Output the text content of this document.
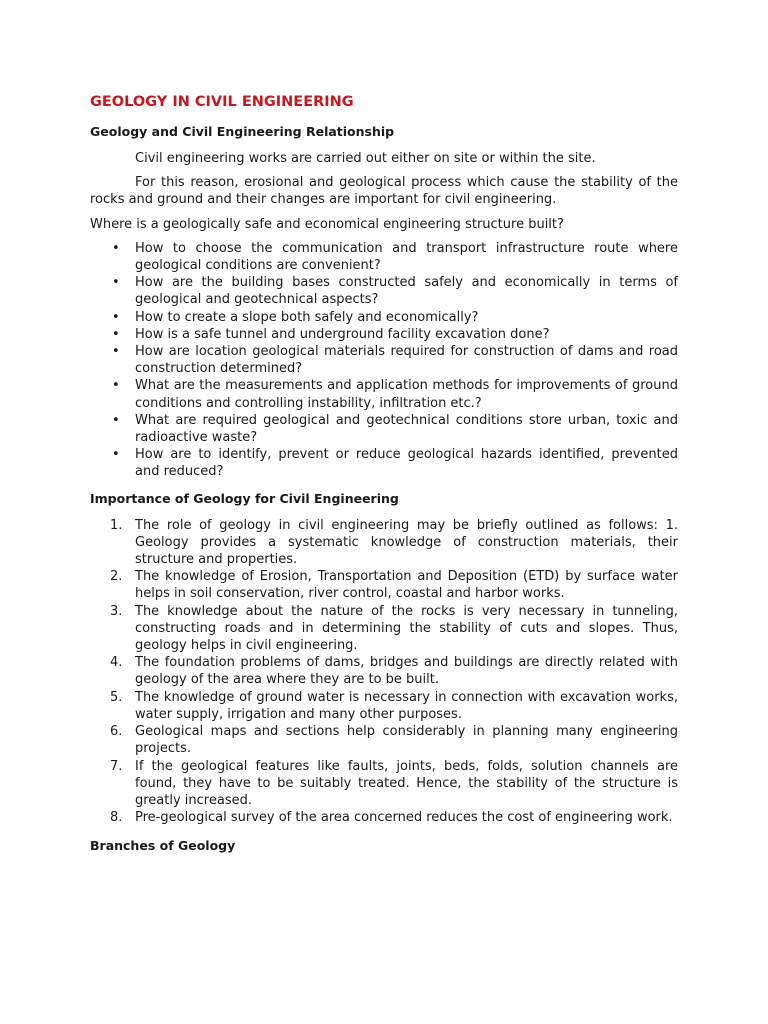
GEOLOGY IN CIVIL ENGINEERING
Geology and Civil Engineering Relationship

Civil engineering works are carried out either on site or within the site.

For this reason, erosional and geological process which cause the stability of the rocks and ground and their changes are important for civil engineering.

Where is a geologically safe and economical engineering structure built?

• How to choose the communication and transport infrastructure route where geological conditions are convenient?
• How are the building bases constructed safely and economically in terms of geological and geotechnical aspects?
• How to create a slope both safely and economically?
• How is a safe tunnel and underground facility excavation done?
• How are location geological materials required for construction of dams and road construction determined?
• What are the measurements and application methods for improvements of ground conditions and controlling instability, infiltration etc.?
• What are required geological and geotechnical conditions store urban, toxic and radioactive waste?
• How are to identify, prevent or reduce geological hazards identified, prevented and reduced?
Importance of Geology for Civil Engineering
1. The role of geology in civil engineering may be briefly outlined as follows: 1. Geology provides a systematic knowledge of construction materials, their structure and properties.
2. The knowledge of Erosion, Transportation and Deposition (ETD) by surface water helps in soil conservation, river control, coastal and harbor works.
3. The knowledge about the nature of the rocks is very necessary in tunneling, constructing roads and in determining the stability of cuts and slopes. Thus, geology helps in civil engineering.
4. The foundation problems of dams, bridges and buildings are directly related with geology of the area where they are to be built.
5. The knowledge of ground water is necessary in connection with excavation works, water supply, irrigation and many other purposes.
6. Geological maps and sections help considerably in planning many engineering projects.
7. If the geological features like faults, joints, beds, folds, solution channels are found, they have to be suitably treated. Hence, the stability of the structure is greatly increased.
8. Pre-geological survey of the area concerned reduces the cost of engineering work.
Branches of Geology
